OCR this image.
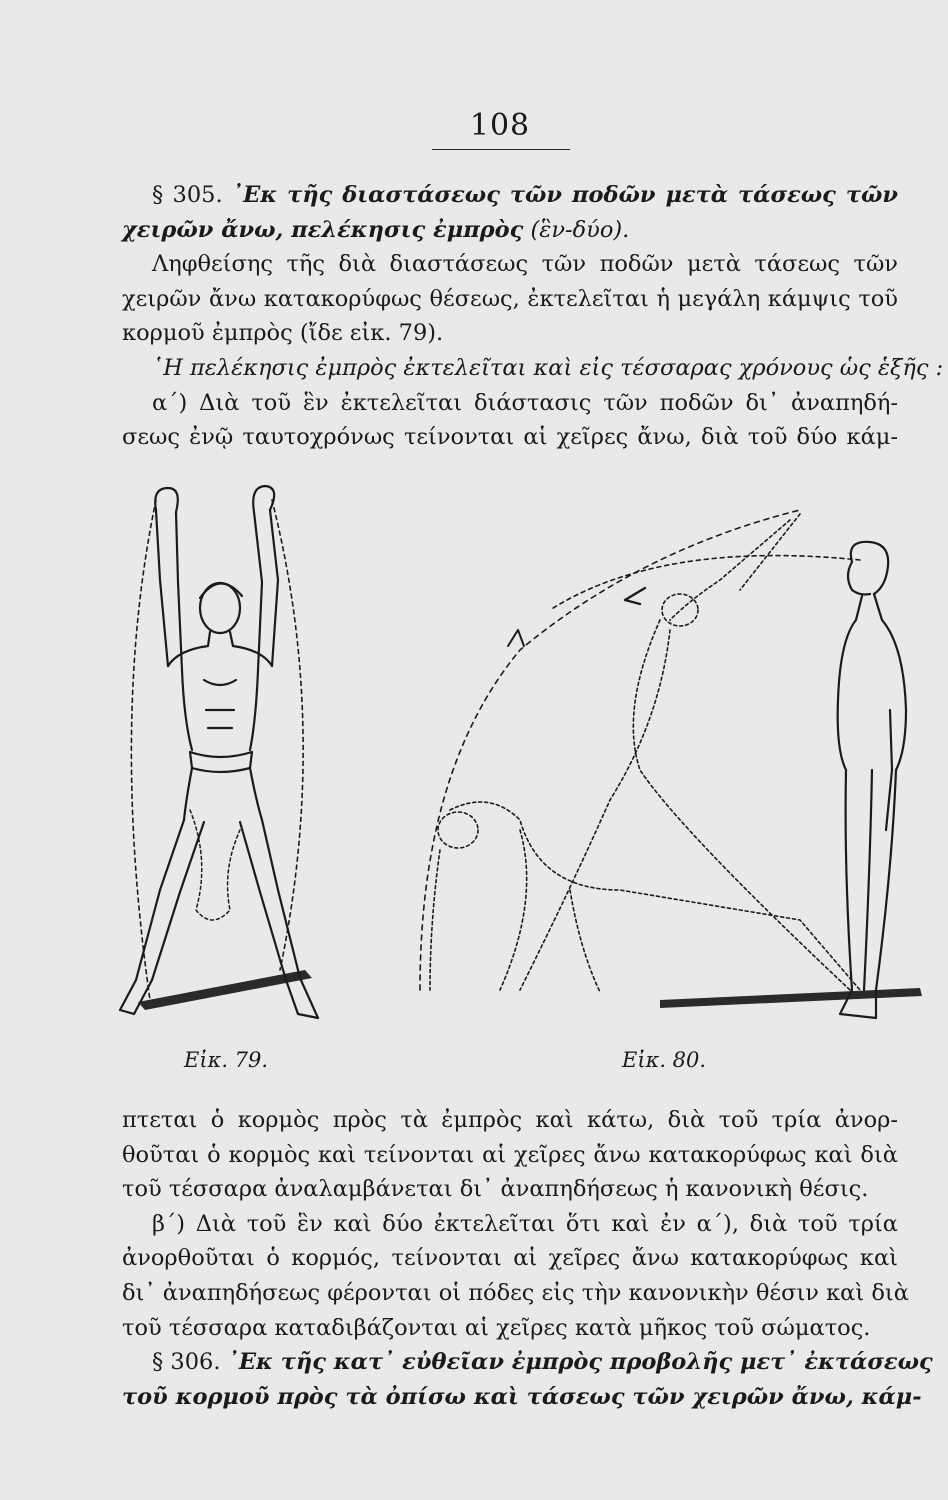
108
§ 305. ᾿Εκ τῆς διαστάσεως τῶν ποδῶν μετὰ τάσεως τῶν
χειρῶν ἄνω, πελέκησις ἐμπρὸς (ἓν-δύο).
Ληφθείσης τῆς διὰ διαστάσεως τῶν ποδῶν μετὰ τάσεως τῶν
χειρῶν ἄνω κατακορύφως θέσεως, ἐκτελεῖται ἡ μεγάλη κάμψις τοῦ
κορμοῦ ἐμπρὸς (ἴδε εἰκ. 79).
῾Η πελέκησις ἐμπρὸς ἐκτελεῖται καὶ εἰς τέσσαρας χρόνους ὡς ἑξῆς :
α΄) Διὰ τοῦ ἓν ἐκτελεῖται διάστασις τῶν ποδῶν δι᾿ ἀναπηδή-
σεως ἐνῷ ταυτοχρόνως τείνονται αἱ χεῖρες ἄνω, διὰ τοῦ δύο κάμ-
Εἰκ. 79.	Εἰκ. 80.
πτεται ὁ κορμὸς πρὸς τὰ ἐμπρὸς καὶ κάτω, διὰ τοῦ τρία ἀνορ-
θοῦται ὁ κορμὸς καὶ τείνονται αἱ χεῖρες ἄνω κατακορύφως καὶ διὰ
τοῦ τέσσαρα ἀναλαμβάνεται δι᾿ ἀναπηδήσεως ἡ κανονικὴ θέσις.
β΄) Διὰ τοῦ ἓν καὶ δύο ἐκτελεῖται ὅτι καὶ ἐν α΄), διὰ τοῦ τρία
ἀνορθοῦται ὁ κορμός, τείνονται αἱ χεῖρες ἄνω κατακορύφως καὶ
δι᾿ ἀναπηδήσεως φέρονται οἱ πόδες εἰς τὴν κανονικὴν θέσιν καὶ διὰ
τοῦ τέσσαρα καταδιβάζονται αἱ χεῖρες κατὰ μῆκος τοῦ σώματος.
§ 306. ᾿Εκ τῆς κατ᾿ εὐθεῖαν ἐμπρὸς προβολῆς μετ᾿ ἐκτάσεως
τοῦ κορμοῦ πρὸς τὰ ὀπίσω καὶ τάσεως τῶν χειρῶν ἄνω, κάμ-
